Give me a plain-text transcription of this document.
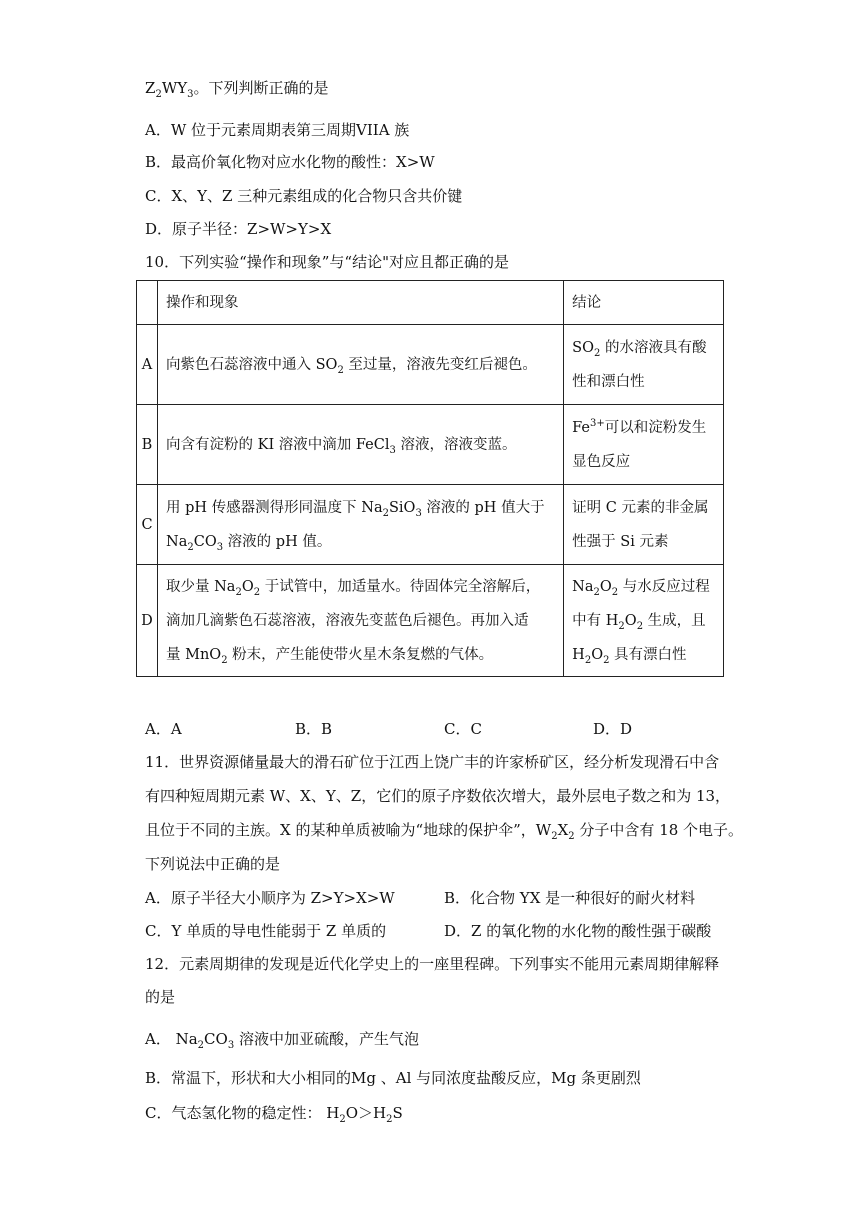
$Z_2WY_3$。下列判断正确的是
A．W 位于元素周期表第三周期VIIA 族
B．最高价氧化物对应水化物的酸性：X>W
C．X、Y、Z 三种元素组成的化合物只含共价键
D．原子半径：Z>W>Y>X
10．下列实验“操作和现象”与“结论"对应且都正确的是
	操作和现象	结论
A	向紫色石蕊溶液中通入 $SO_2$ 至过量，溶液先变红后褪色。	$SO_2$ 的水溶液具有酸
性和漂白性
B	向含有淀粉的 KI 溶液中滴加 FeCl$_3$ 溶液，溶液变蓝。	$Fe^{3+}$可以和淀粉发生
显色反应
C	用 pH 传感器测得形同温度下 $Na_2SiO_3$ 溶液的 pH 值大于
$Na_2CO_3$ 溶液的 pH 值。	证明 C 元素的非金属
性强于 Si 元素
D	取少量 $Na_2O_2$ 于试管中，加适量水。待固体完全溶解后，
滴加几滴紫色石蕊溶液，溶液先变蓝色后褪色。再加入适
量 MnO$_2$ 粉末，产生能使带火星木条复燃的气体。	$Na_2O_2$ 与水反应过程
中有 $H_2O_2$ 生成，且
$H_2O_2$ 具有漂白性
A．A	B．B	C．C	D．D
11．世界资源储量最大的滑石矿位于江西上饶广丰的许家桥矿区，经分析发现滑石中含
有四种短周期元素 W、X、Y、Z，它们的原子序数依次增大，最外层电子数之和为 13，
且位于不同的主族。X 的某种单质被喻为“地球的保护伞”，$W_2X_2$ 分子中含有 18 个电子。
下列说法中正确的是
A．原子半径大小顺序为 Z>Y>X>W	B．化合物 YX 是一种很好的耐火材料
C．Y 单质的导电性能弱于 Z 单质的	D．Z 的氧化物的水化物的酸性强于碳酸
12．元素周期律的发现是近代化学史上的一座里程碑。下列事实不能用元素周期律解释
的是
A． $Na_2CO_3$ 溶液中加亚硫酸，产生气泡
B．常温下，形状和大小相同的Mg 、Al 与同浓度盐酸反应，Mg 条更剧烈
C．气态氢化物的稳定性： $H_2O>H_2S$
